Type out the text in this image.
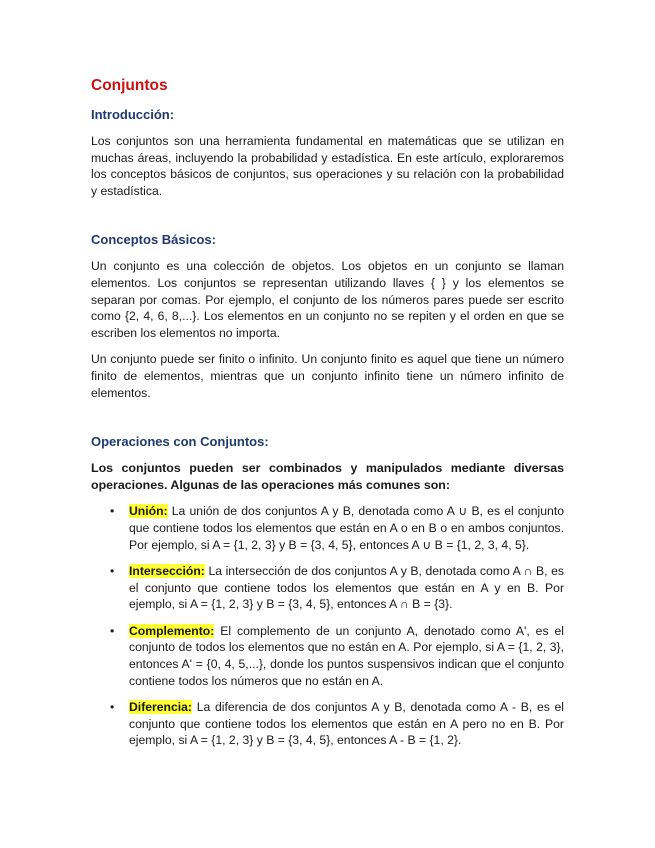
Conjuntos
Introducción:

Los conjuntos son una herramienta fundamental en matemáticas que se utilizan en muchas áreas, incluyendo la probabilidad y estadística. En este artículo, exploraremos los conceptos básicos de conjuntos, sus operaciones y su relación con la probabilidad y estadística.

Conceptos Básicos:

Un conjunto es una colección de objetos. Los objetos en un conjunto se llaman elementos. Los conjuntos se representan utilizando llaves { } y los elementos se separan por comas. Por ejemplo, el conjunto de los números pares puede ser escrito como {2, 4, 6, 8,...}. Los elementos en un conjunto no se repiten y el orden en que se escriben los elementos no importa.

Un conjunto puede ser finito o infinito. Un conjunto finito es aquel que tiene un número finito de elementos, mientras que un conjunto infinito tiene un número infinito de elementos.

Operaciones con Conjuntos:

Los conjuntos pueden ser combinados y manipulados mediante diversas operaciones. Algunas de las operaciones más comunes son:

• Unión: La unión de dos conjuntos A y B, denotada como A ∪ B, es el conjunto que contiene todos los elementos que están en A o en B o en ambos conjuntos. Por ejemplo, si A = {1, 2, 3} y B = {3, 4, 5}, entonces A ∪ B = {1, 2, 3, 4, 5}.
• Intersección: La intersección de dos conjuntos A y B, denotada como A ∩ B, es el conjunto que contiene todos los elementos que están en A y en B. Por ejemplo, si A = {1, 2, 3} y B = {3, 4, 5}, entonces A ∩ B = {3}.
• Complemento: El complemento de un conjunto A, denotado como A', es el conjunto de todos los elementos que no están en A. Por ejemplo, si A = {1, 2, 3}, entonces A' = {0, 4, 5,...}, donde los puntos suspensivos indican que el conjunto contiene todos los números que no están en A.
• Diferencia: La diferencia de dos conjuntos A y B, denotada como A - B, es el conjunto que contiene todos los elementos que están en A pero no en B. Por ejemplo, si A = {1, 2, 3} y B = {3, 4, 5}, entonces A - B = {1, 2}.
